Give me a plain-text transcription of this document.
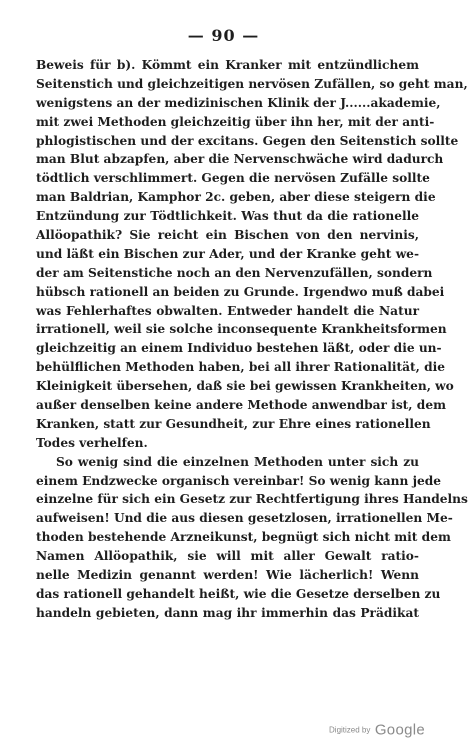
— 90 —
Beweis für b). Kömmt ein Kranker mit entzündlichem
Seitenstich und gleichzeitigen nervösen Zufällen, so geht man,
wenigstens an der medizinischen Klinik der J......akademie,
mit zwei Methoden gleichzeitig über ihn her, mit der anti-
phlogistischen und der excitans. Gegen den Seitenstich sollte
man Blut abzapfen, aber die Nervenschwäche wird dadurch
tödtlich verschlimmert. Gegen die nervösen Zufälle sollte
man Baldrian, Kamphor 2c. geben, aber diese steigern die
Entzündung zur Tödtlichkeit. Was thut da die rationelle
Allöopathik? Sie reicht ein Bischen von den nervinis,
und läßt ein Bischen zur Ader, und der Kranke geht we-
der am Seitenstiche noch an den Nervenzufällen, sondern
hübsch rationell an beiden zu Grunde. Irgendwo muß dabei
was Fehlerhaftes obwalten. Entweder handelt die Natur
irrationell, weil sie solche inconsequente Krankheitsformen
gleichzeitig an einem Individuo bestehen läßt, oder die un-
behülflichen Methoden haben, bei all ihrer Rationalität, die
Kleinigkeit übersehen, daß sie bei gewissen Krankheiten, wo
außer denselben keine andere Methode anwendbar ist, dem
Kranken, statt zur Gesundheit, zur Ehre eines rationellen
Todes verhelfen.
So wenig sind die einzelnen Methoden unter sich zu
einem Endzwecke organisch vereinbar! So wenig kann jede
einzelne für sich ein Gesetz zur Rechtfertigung ihres Handelns
aufweisen! Und die aus diesen gesetzlosen, irrationellen Me-
thoden bestehende Arzneikunst, begnügt sich nicht mit dem
Namen Allöopathik, sie will mit aller Gewalt ratio-
nelle Medizin genannt werden! Wie lächerlich! Wenn
das rationell gehandelt heißt, wie die Gesetze derselben zu
handeln gebieten, dann mag ihr immerhin das Prädikat
Digitized by Google
